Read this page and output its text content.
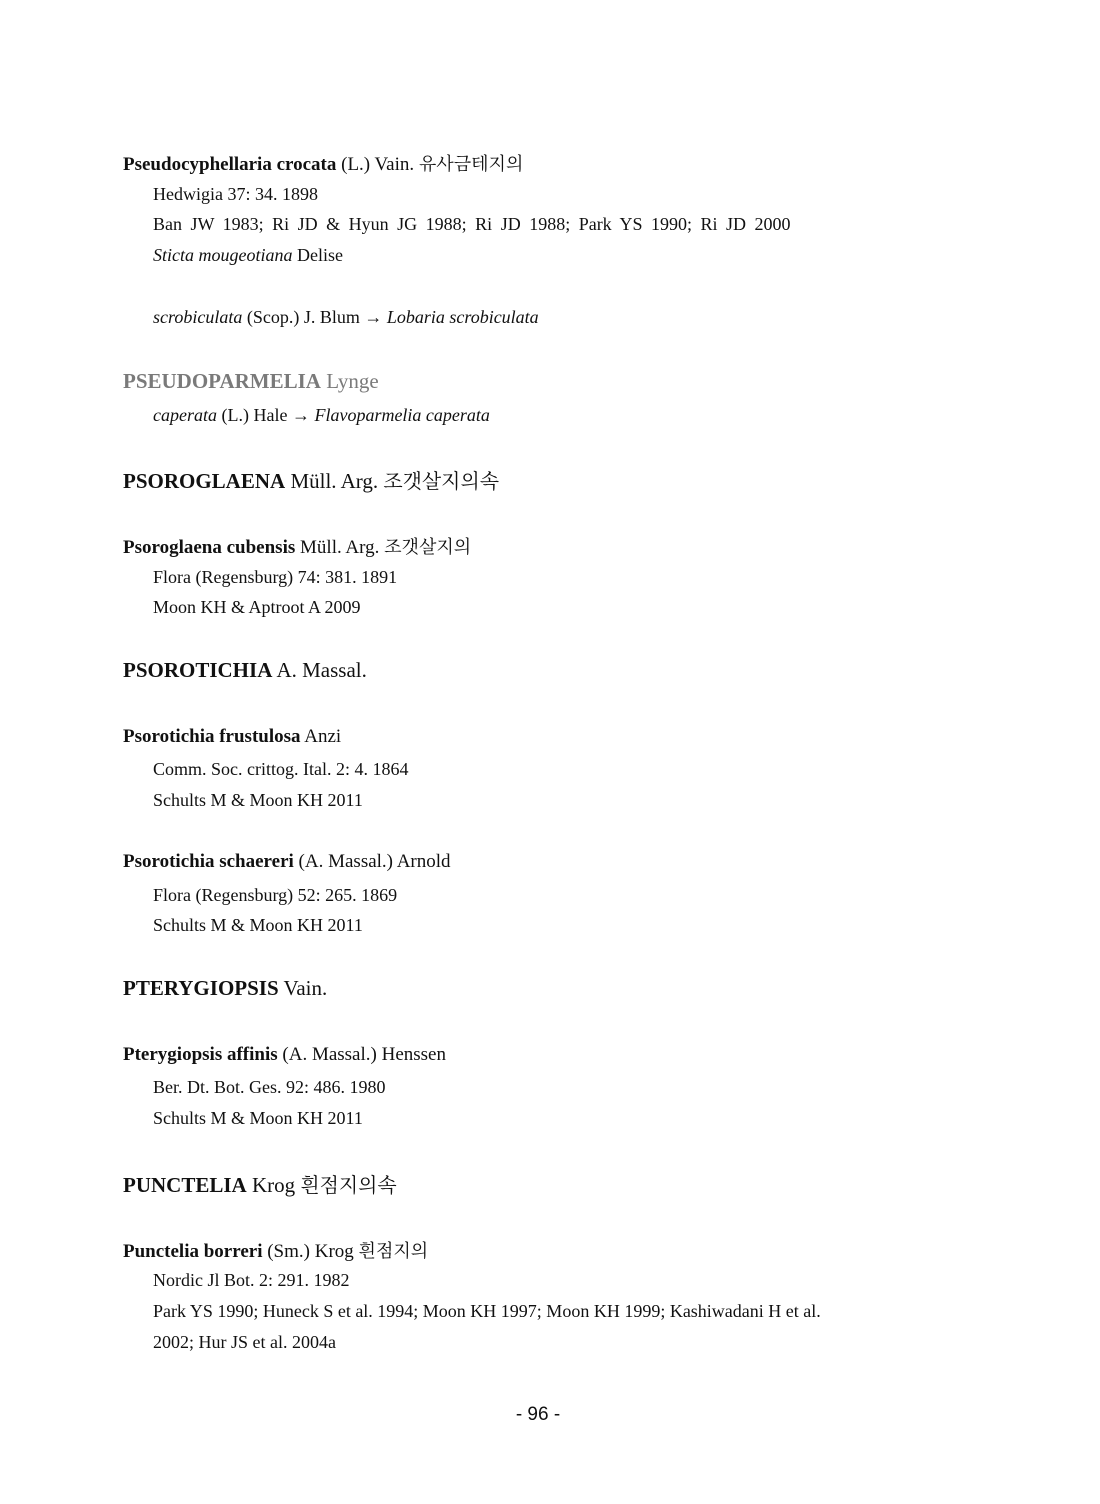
Pseudocyphellaria crocata (L.) Vain. 유사금테지의
Hedwigia 37: 34. 1898
Ban JW 1983; Ri JD & Hyun JG 1988; Ri JD 1988; Park YS 1990; Ri JD 2000
Sticta mougeotiana Delise
scrobiculata (Scop.) J. Blum → Lobaria scrobiculata
PSEUDOPARMELIA Lynge
caperata (L.) Hale → Flavoparmelia caperata
PSOROGLAENA Müll. Arg. 조갯살지의속
Psoroglaena cubensis Müll. Arg. 조갯살지의
Flora (Regensburg) 74: 381. 1891
Moon KH & Aptroot A 2009
PSOROTICHIA A. Massal.
Psorotichia frustulosa Anzi
Comm. Soc. crittog. Ital. 2: 4. 1864
Schults M & Moon KH 2011
Psorotichia schaereri (A. Massal.) Arnold
Flora (Regensburg) 52: 265. 1869
Schults M & Moon KH 2011
PTERYGIOPSIS Vain.
Pterygiopsis affinis (A. Massal.) Henssen
Ber. Dt. Bot. Ges. 92: 486. 1980
Schults M & Moon KH 2011
PUNCTELIA Krog 흰점지의속
Punctelia borreri (Sm.) Krog 흰점지의
Nordic Jl Bot. 2: 291. 1982
Park YS 1990; Huneck S et al. 1994; Moon KH 1997; Moon KH 1999; Kashiwadani H et al.
2002; Hur JS et al. 2004a
- 96 -
